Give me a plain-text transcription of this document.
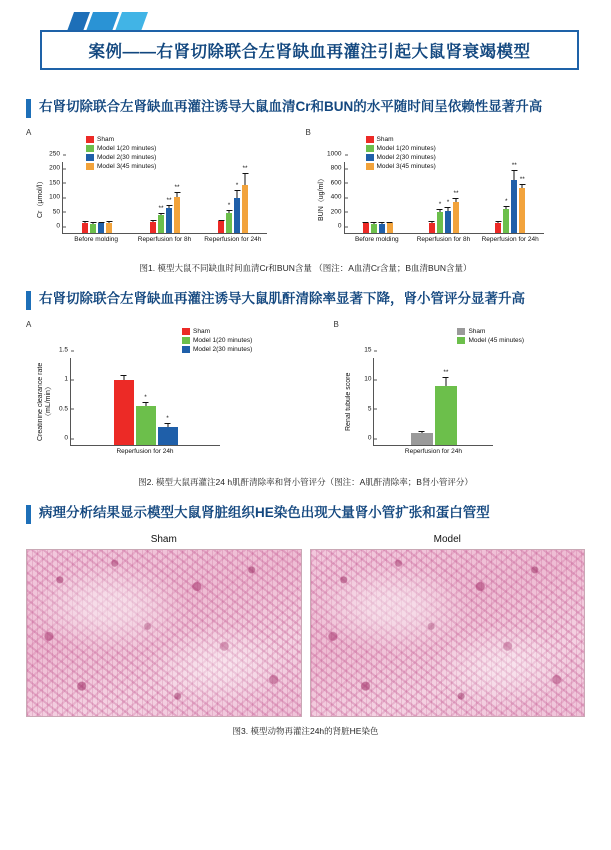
案例——右肾切除联合左肾缺血再灌注引起大鼠肾衰竭模型
右肾切除联合左肾缺血再灌注诱导大鼠血清Cr和BUN的水平随时间呈依赖性显著升高
A
Cr（μmol/l）
0
50
100
150
200
250
**
**
**
*
*
**
Before molding	Reperfusion for 8h	Reperfusion for 24h
Sham
Model 1(20 minutes)
Model 2(30 minutes)
Model 3(45 minutes)
B
BUN（ug/ml）
0
200
400
600
800
1000
* *
**
*
**
**
Before molding	Reperfusion for 8h	Reperfusion for 24h
Sham
Model 1(20 minutes)
Model 2(30 minutes)
Model 3(45 minutes)
图1. 模型大鼠不同缺血时间血清Cr和BUN含量 （图注：A血清Cr含量；B血清BUN含量）
右肾切除联合左肾缺血再灌注诱导大鼠肌酐清除率显著下降，肾小管评分显著升高
A
Creatinine clearance rate（mL/min）
0
0.5
1
1.5
*
*
Reperfusion for 24h
Sham
Model 1(20 minutes)
Model 2(30 minutes)
B
Renal tubule score
0
5
10
15
**
Reperfusion for 24h
Sham
Model (45 minutes)
图2. 模型大鼠再灌注24 h肌酐清除率和肾小管评分（图注：A肌酐清除率；B肾小管评分）
病理分析结果显示模型大鼠肾脏组织HE染色出现大量肾小管扩张和蛋白管型
Sham	Model
图3. 模型动物再灌注24h的肾脏HE染色
